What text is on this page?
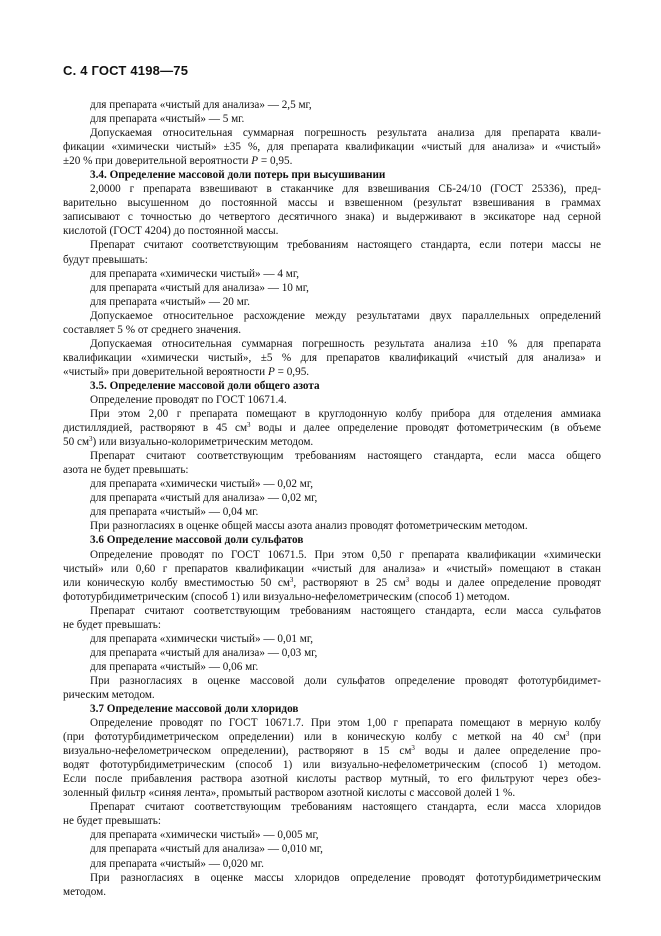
С. 4 ГОСТ 4198—75
для препарата «чистый для анализа» — 2,5 мг,
для препарата «чистый» — 5 мг.
Допускаемая относительная суммарная погрешность результата анализа для препарата квали-
фикации «химически чистый» ±35 %, для препарата квалификации «чистый для анализа» и «чистый»
±20 % при доверительной вероятности P = 0,95.
3.4. Определение массовой доли потерь при высушивании
2,0000 г препарата взвешивают в стаканчике для взвешивания СБ-24/10 (ГОСТ 25336), пред-
варительно высушенном до постоянной массы и взвешенном (результат взвешивания в граммах
записывают с точностью до четвертого десятичного знака) и выдерживают в эксикаторе над серной
кислотой (ГОСТ 4204) до постоянной массы.
Препарат считают соответствующим требованиям настоящего стандарта, если потери массы не
будут превышать:
для препарата «химически чистый» — 4 мг,
для препарата «чистый для анализа» — 10 мг,
для препарата «чистый» — 20 мг.
Допускаемое относительное расхождение между результатами двух параллельных определений
составляет 5 % от среднего значения.
Допускаемая относительная суммарная погрешность результата анализа ±10 % для препарата
квалификации «химически чистый», ±5 % для препаратов квалификаций «чистый для анализа» и
«чистый» при доверительной вероятности P = 0,95.
3.5. Определение массовой доли общего азота
Определение проводят по ГОСТ 10671.4.
При этом 2,00 г препарата помещают в круглодонную колбу прибора для отделения аммиака
дистиллядией, растворяют в 45 $см^3$ воды и далее определение проводят фотометрическим (в объеме
50 $см^3$) или визуально-колориметрическим методом.
Препарат считают соответствующим требованиям настоящего стандарта, если масса общего
азота не будет превышать:
для препарата «химически чистый» — 0,02 мг,
для препарата «чистый для анализа» — 0,02 мг,
для препарата «чистый» — 0,04 мг.
При разногласиях в оценке общей массы азота анализ проводят фотометрическим методом.
3.6 Определение массовой доли сульфатов
Определение проводят по ГОСТ 10671.5. При этом 0,50 г препарата квалификации «химически
чистый» или 0,60 г препаратов квалификации «чистый для анализа» и «чистый» помещают в стакан
или коническую колбу вместимостью 50 $см^3$, растворяют в 25 $см^3$ воды и далее определение проводят
фототурбидиметрическим (способ 1) или визуально-нефелометрическим (способ 1) методом.
Препарат считают соответствующим требованиям настоящего стандарта, если масса сульфатов
не будет превышать:
для препарата «химически чистый» — 0,01 мг,
для препарата «чистый для анализа» — 0,03 мг,
для препарата «чистый» — 0,06 мг.
При разногласиях в оценке массовой доли сульфатов определение проводят фототурбидимет-
рическим методом.
3.7 Определение массовой доли хлоридов
Определение проводят по ГОСТ 10671.7. При этом 1,00 г препарата помещают в мерную колбу
(при фототурбидиметрическом определении) или в коническую колбу с меткой на 40 $см^3$ (при
визуально-нефелометрическом определении), растворяют в 15 $см^3$ воды и далее определение про-
водят фототурбидиметрическим (способ 1) или визуально-нефелометрическим (способ 1) методом.
Если после прибавления раствора азотной кислоты раствор мутный, то его фильтруют через обез-
золенный фильтр «синяя лента», промытый раствором азотной кислоты с массовой долей 1 %.
Препарат считают соответствующим требованиям настоящего стандарта, если масса хлоридов
не будет превышать:
для препарата «химически чистый» — 0,005 мг,
для препарата «чистый для анализа» — 0,010 мг,
для препарата «чистый» — 0,020 мг.
При разногласиях в оценке массы хлоридов определение проводят фототурбидиметрическим
методом.
